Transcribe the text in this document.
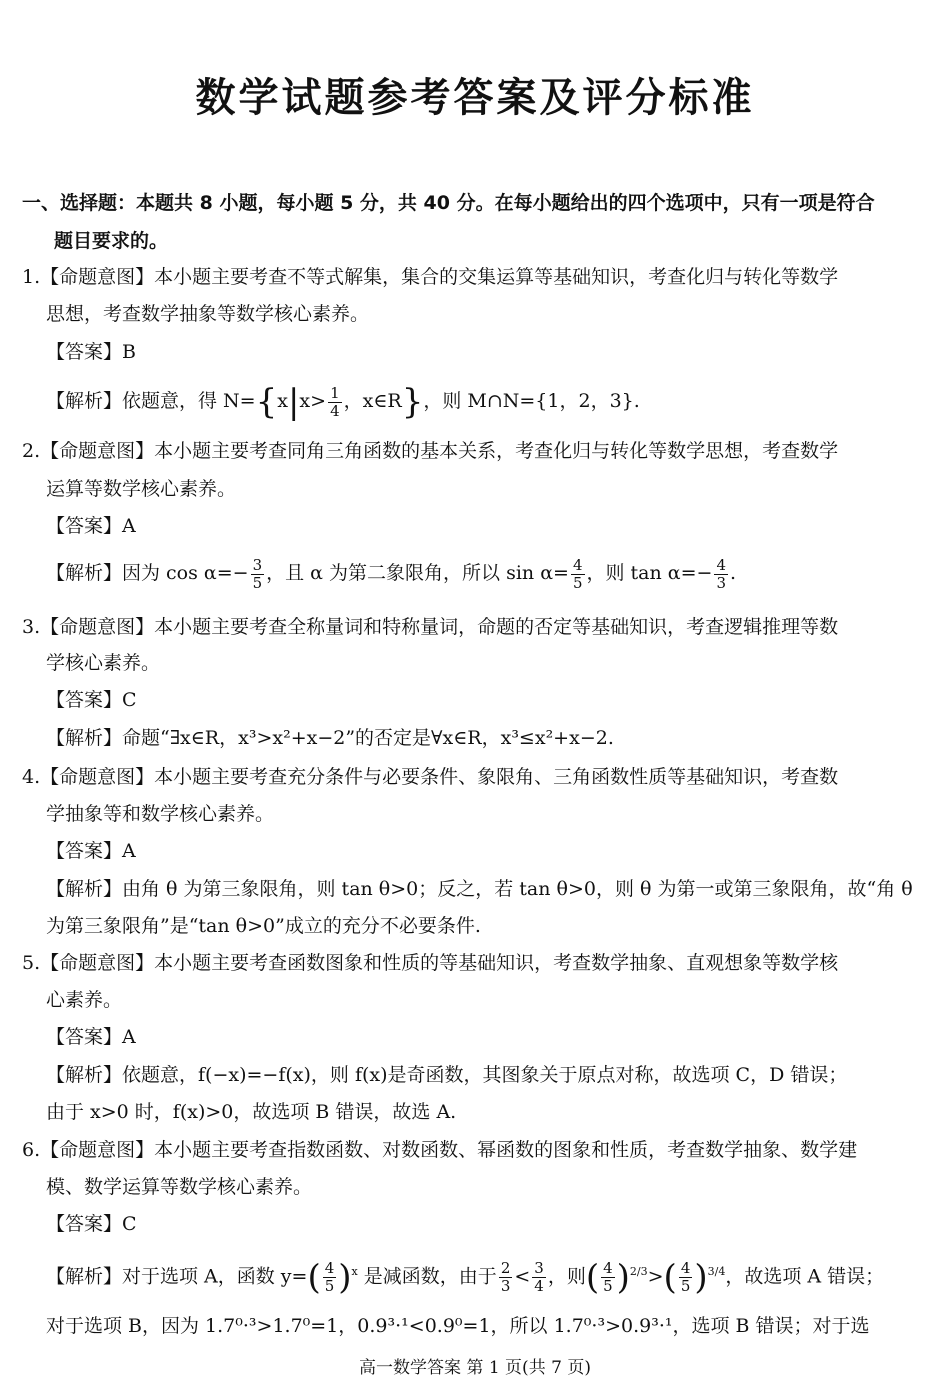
数学试题参考答案及评分标准
一、选择题：本题共 8 小题，每小题 5 分，共 40 分。在每小题给出的四个选项中，只有一项是符合
题目要求的。
1.【命题意图】本小题主要考查不等式解集，集合的交集运算等基础知识，考查化归与转化等数学
思想，考查数学抽象等数学核心素养。
【答案】B
【解析】依题意，得 $N=\{x|x> \frac{1}{4}$ ，x∈R}，则 M∩N={1，2，3}.
2.【命题意图】本小题主要考查同角三角函数的基本关系，考查化归与转化等数学思想，考查数学
运算等数学核心素养。
【答案】A
【解析】因为 $\cos \alpha=- \frac{3}{5}$ ，且 α 为第二象限角，所以 $\sin \alpha= \frac{4}{5}$ ，则 $\tan \alpha=- \frac{4}{3}$ .
3.【命题意图】本小题主要考查全称量词和特称量词，命题的否定等基础知识，考查逻辑推理等数
学核心素养。
【答案】C
【解析】命题“∃x∈R，x³>x²+x−2”的否定是∀x∈R，x³≤x²+x−2.
4.【命题意图】本小题主要考查充分条件与必要条件、象限角、三角函数性质等基础知识，考查数
学抽象等和数学核心素养。
【答案】A
【解析】由角 θ 为第三象限角，则 tan θ>0；反之，若 tan θ>0，则 θ 为第一或第三象限角，故“角 θ
为第三象限角”是“tan θ>0”成立的充分不必要条件.
5.【命题意图】本小题主要考查函数图象和性质的等基础知识，考查数学抽象、直观想象等数学核
心素养。
【答案】A
【解析】依题意，f(−x)=−f(x)，则 f(x)是奇函数，其图象关于原点对称，故选项 C，D 错误；
由于 x>0 时，f(x)>0，故选项 B 错误，故选 A.
6.【命题意图】本小题主要考查指数函数、对数函数、幂函数的图象和性质，考查数学抽象、数学建
模、数学运算等数学核心素养。
【答案】C
【解析】对于选项 A，函数 $y=( \frac{4}{5} )^x$ 是减函数，由于 $\frac{2}{3} < \frac{3}{4}$ ，则( $\frac{4}{5} )^{2/3}>( \frac{4}{5} )^{3/4}$，故选项 A 错误；
对于选项 B，因为 1.7⁰·³>1.7⁰=1，0.9³·¹<0.9⁰=1，所以 1.7⁰·³>0.9³·¹，选项 B 错误；对于选
高一数学答案 第 1 页(共 7 页)
